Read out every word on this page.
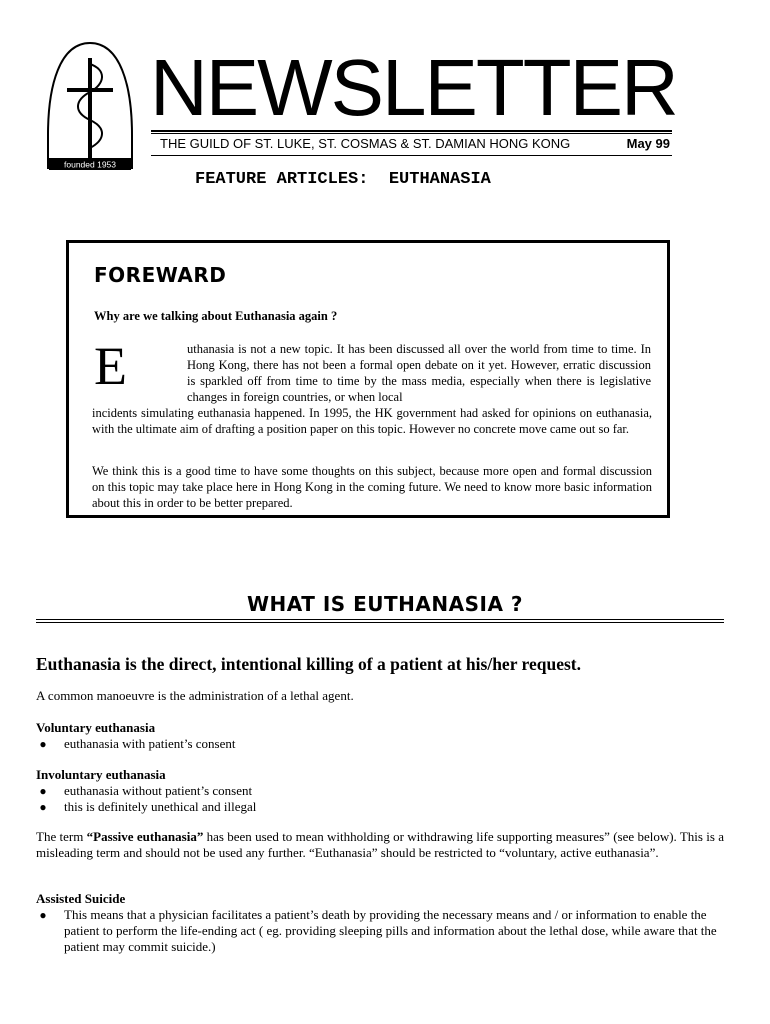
founded 1953
NEWSLETTER
THE GUILD OF ST. LUKE, ST. COSMAS & ST. DAMIAN HONG KONG	May 99
FEATURE ARTICLES: EUTHANASIA
FOREWARD
Why are we talking about Euthanasia again ?
E	uthanasia is not a new topic. It has been discussed all over the world from time to time. In Hong Kong, there has not been a formal open debate on it yet. However, erratic discussion is sparkled off from time to time by the mass media, especially when there is legislative changes in foreign countries, or when local
incidents simulating euthanasia happened. In 1995, the HK government had asked for opinions on euthanasia, with the ultimate aim of drafting a position paper on this topic. However no concrete move came out so far.
We think this is a good time to have some thoughts on this subject, because more open and formal discussion on this topic may take place here in Hong Kong in the coming future. We need to know more basic information about this in order to be better prepared.
WHAT IS EUTHANASIA ?
Euthanasia is the direct, intentional killing of a patient at his/her request.
A common manoeuvre is the administration of a lethal agent.
Voluntary euthanasia
● euthanasia with patient’s consent
Involuntary euthanasia
● euthanasia without patient’s consent
● this is definitely unethical and illegal
The term “Passive euthanasia” has been used to mean withholding or withdrawing life supporting measures” (see below). This is a misleading term and should not be used any further. “Euthanasia” should be restricted to “voluntary, active euthanasia”.
Assisted Suicide
● This means that a physician facilitates a patient’s death by providing the necessary means and / or information to enable the patient to perform the life-ending act ( eg. providing sleeping pills and information about the lethal dose, while aware that the patient may commit suicide.)
